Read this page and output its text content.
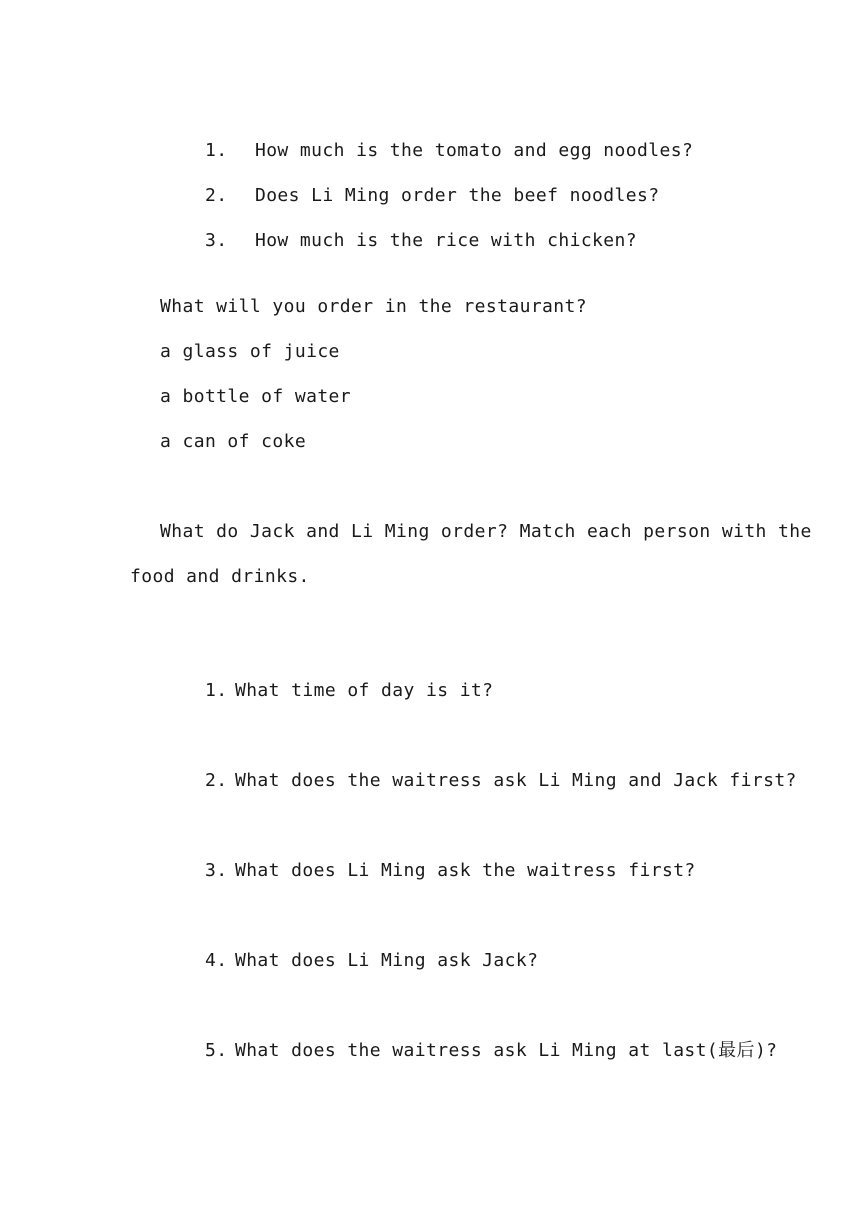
1. How much is the tomato and egg noodles?

2. Does Li Ming order the beef noodles?

3. How much is the rice with chicken?

What will you order in the restaurant?
a glass of juice
a bottle of water
a can of coke
What do Jack and Li Ming order? Match each person with the
food and drinks.

1. What time of day is it?

2. What does the waitress ask Li Ming and Jack first?

3. What does Li Ming ask the waitress first?

4. What does Li Ming ask Jack?

5. What does the waitress ask Li Ming at last(最后)?
